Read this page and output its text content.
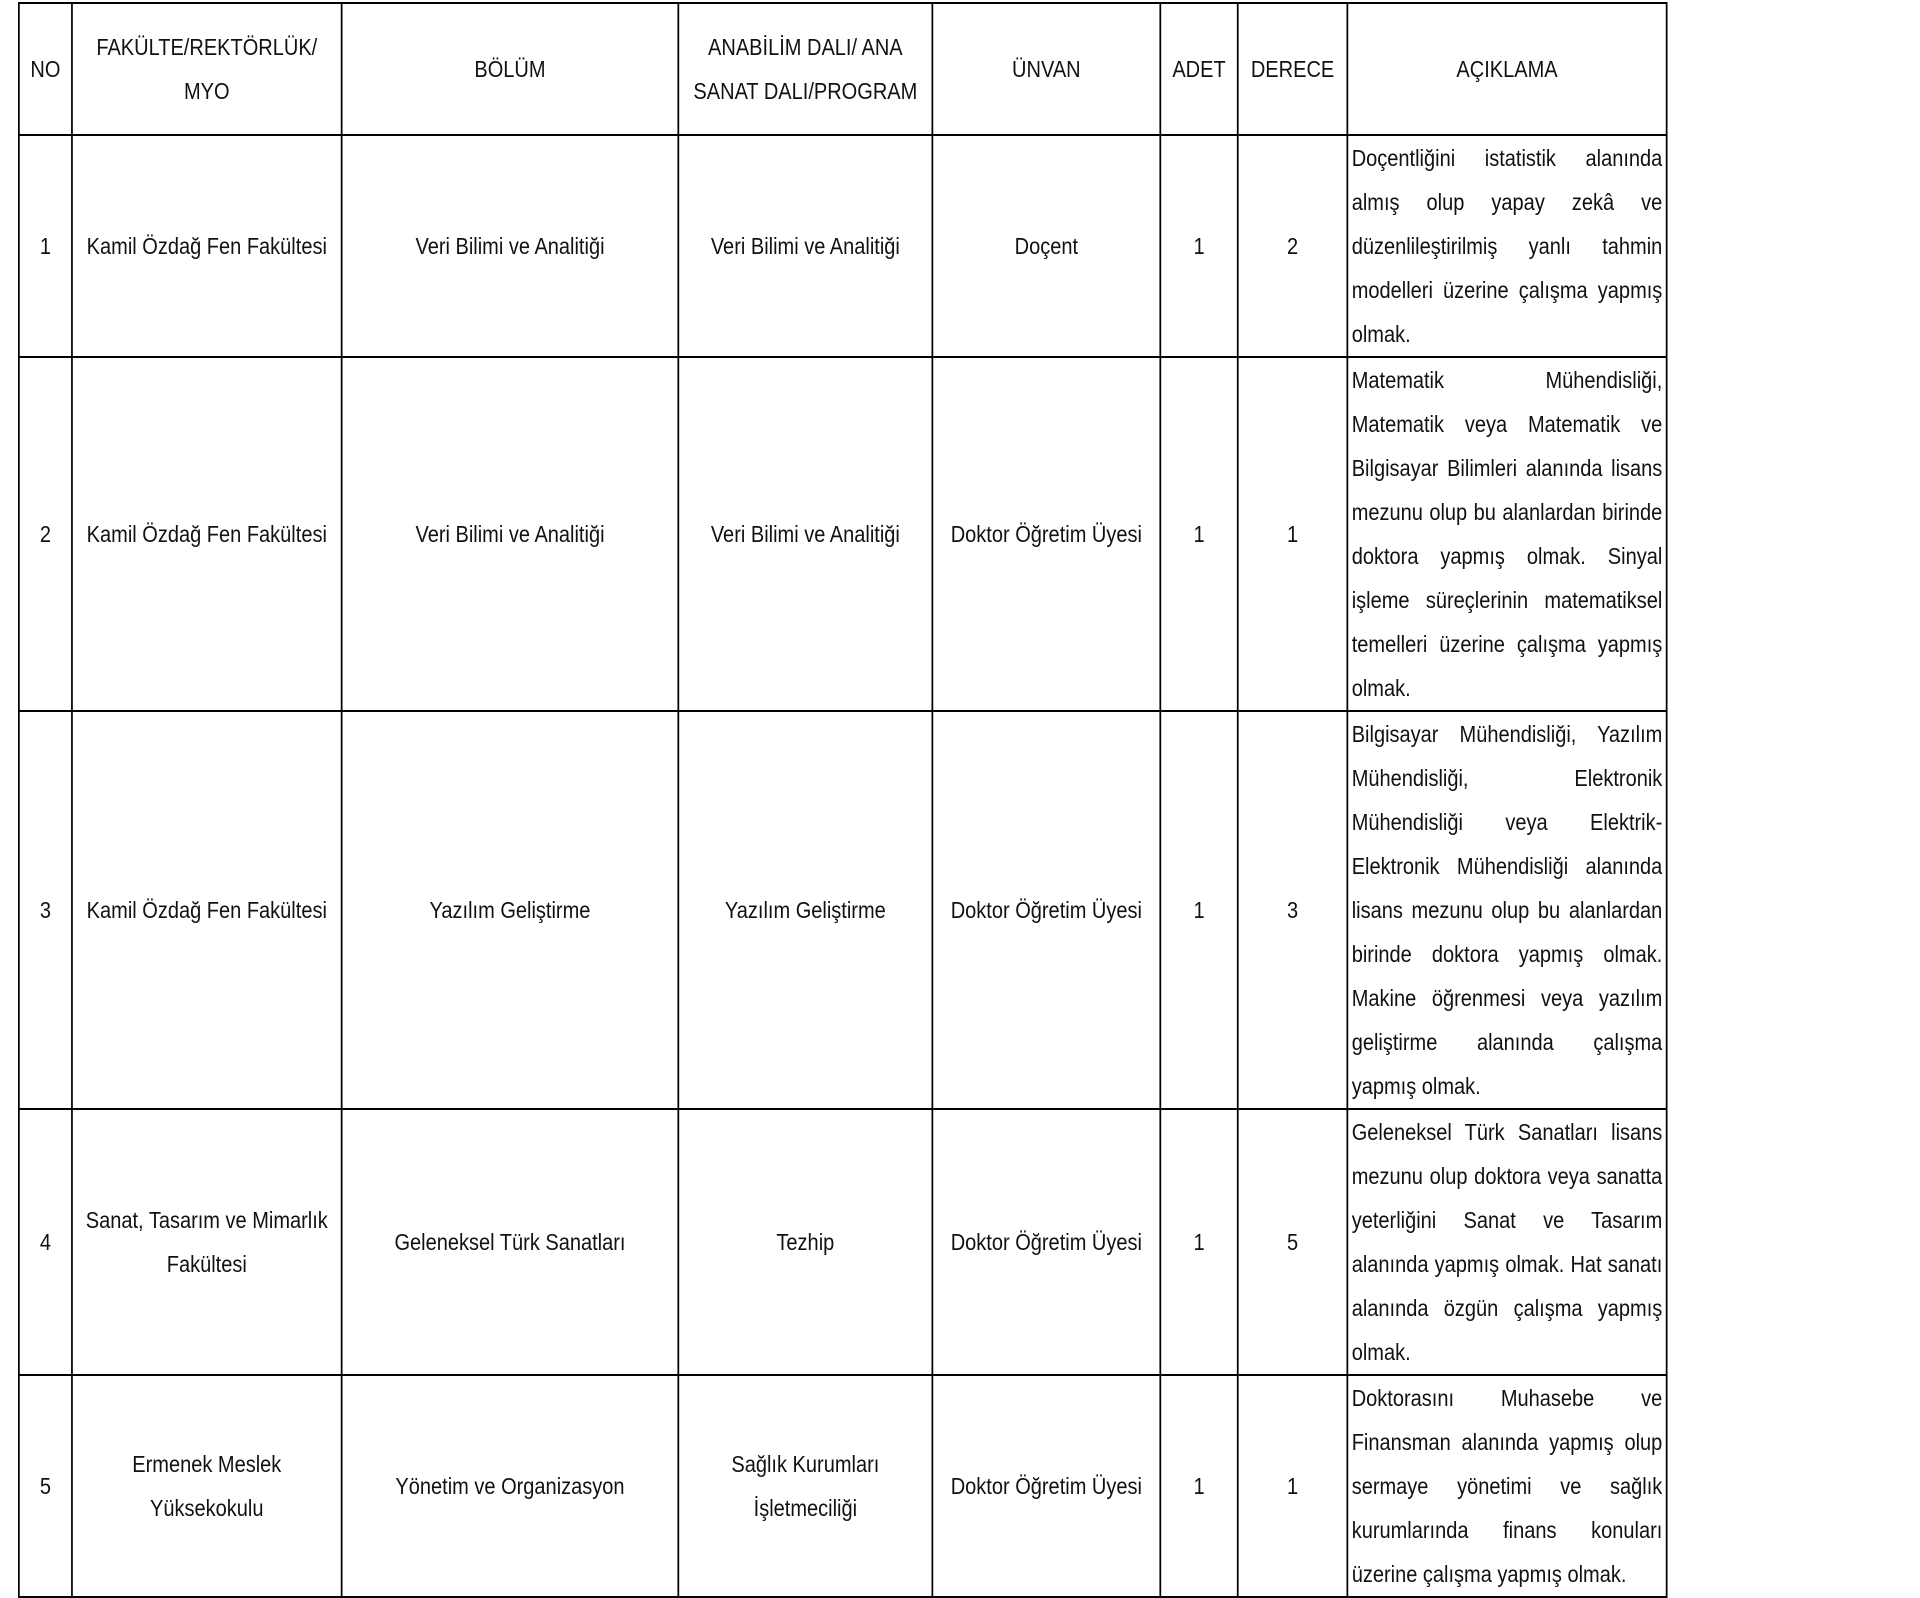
NO	FAKÜLTE/REKTÖRLÜK/ MYO	BÖLÜM	ANABİLİM DALI/ ANA SANAT DALI/PROGRAM	ÜNVAN	ADET	DERECE	AÇIKLAMA
1	Kamil Özdağ Fen Fakültesi	Veri Bilimi ve Analitiği	Veri Bilimi ve Analitiği	Doçent	1	2	Doçentliğini istatistik alanında almış olup yapay zekâ ve düzenlileştirilmiş yanlı tahmin modelleri üzerine çalışma yapmış olmak.
2	Kamil Özdağ Fen Fakültesi	Veri Bilimi ve Analitiği	Veri Bilimi ve Analitiği	Doktor Öğretim Üyesi	1	1	Matematik Mühendisliği, Matematik veya Matematik ve Bilgisayar Bilimleri alanında lisans mezunu olup bu alanlardan birinde doktora yapmış olmak. Sinyal işleme süreçlerinin matematiksel temelleri üzerine çalışma yapmış olmak.
3	Kamil Özdağ Fen Fakültesi	Yazılım Geliştirme	Yazılım Geliştirme	Doktor Öğretim Üyesi	1	3	Bilgisayar Mühendisliği, Yazılım Mühendisliği, Elektronik Mühendisliği veya Elektrik-Elektronik Mühendisliği alanında lisans mezunu olup bu alanlardan birinde doktora yapmış olmak. Makine öğrenmesi veya yazılım geliştirme alanında çalışma yapmış olmak.
4	Sanat, Tasarım ve Mimarlık Fakültesi	Geleneksel Türk Sanatları	Tezhip	Doktor Öğretim Üyesi	1	5	Geleneksel Türk Sanatları lisans mezunu olup doktora veya sanatta yeterliğini Sanat ve Tasarım alanında yapmış olmak. Hat sanatı alanında özgün çalışma yapmış olmak.
5	Ermenek Meslek Yüksekokulu	Yönetim ve Organizasyon	Sağlık Kurumları İşletmeciliği	Doktor Öğretim Üyesi	1	1	Doktorasını Muhasebe ve Finansman alanında yapmış olup sermaye yönetimi ve sağlık kurumlarında finans konuları üzerine çalışma yapmış olmak.
